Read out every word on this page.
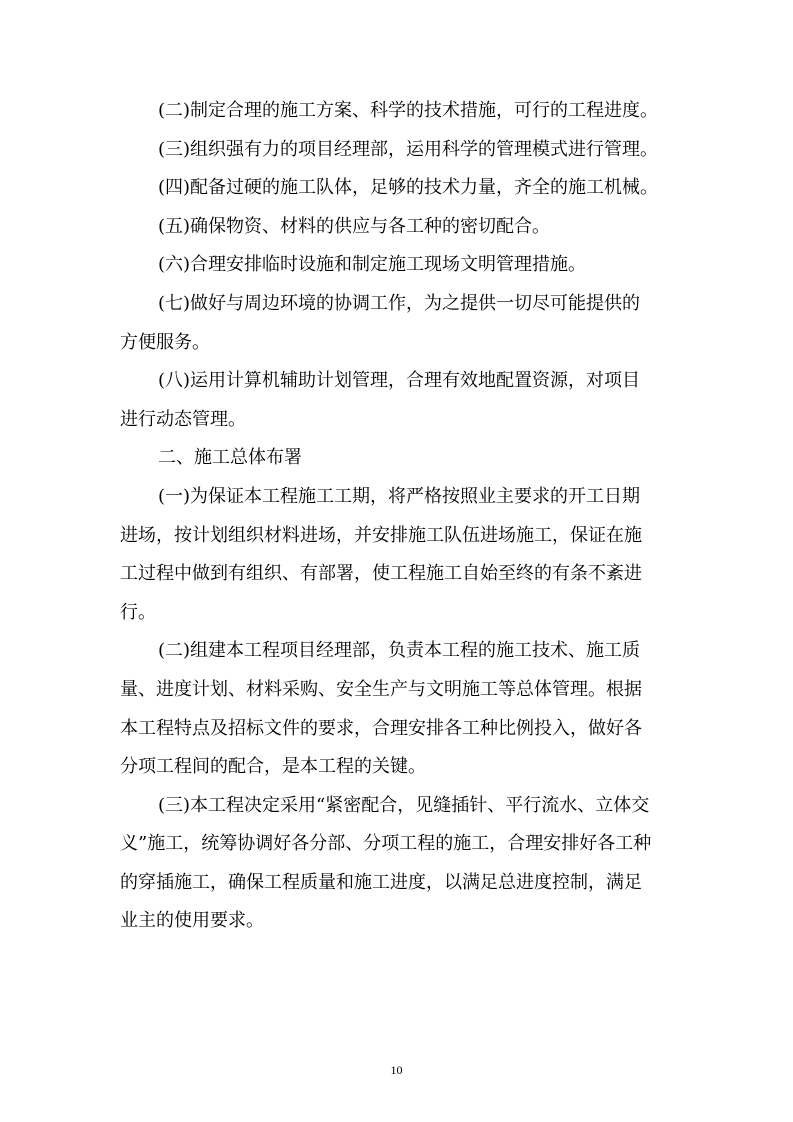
(二)制定合理的施工方案、科学的技术措施，可行的工程进度。

(三)组织强有力的项目经理部，运用科学的管理模式进行管理。

(四)配备过硬的施工队体，足够的技术力量，齐全的施工机械。

(五)确保物资、材料的供应与各工种的密切配合。

(六)合理安排临时设施和制定施工现场文明管理措施。

(七)做好与周边环境的协调工作，为之提供一切尽可能提供的
方便服务。

(八)运用计算机辅助计划管理，合理有效地配置资源，对项目
进行动态管理。

二、施工总体布署

(一)为保证本工程施工工期，将严格按照业主要求的开工日期
进场，按计划组织材料进场，并安排施工队伍进场施工，保证在施
工过程中做到有组织、有部署，使工程施工自始至终的有条不紊进
行。

(二)组建本工程项目经理部，负责本工程的施工技术、施工质
量、进度计划、材料采购、安全生产与文明施工等总体管理。根据
本工程特点及招标文件的要求，合理安排各工种比例投入，做好各
分项工程间的配合，是本工程的关键。

(三)本工程决定采用“紧密配合，见缝插针、平行流水、立体交
义”施工，统筹协调好各分部、分项工程的施工，合理安排好各工种
的穿插施工，确保工程质量和施工进度，以满足总进度控制，满足
业主的使用要求。

10
